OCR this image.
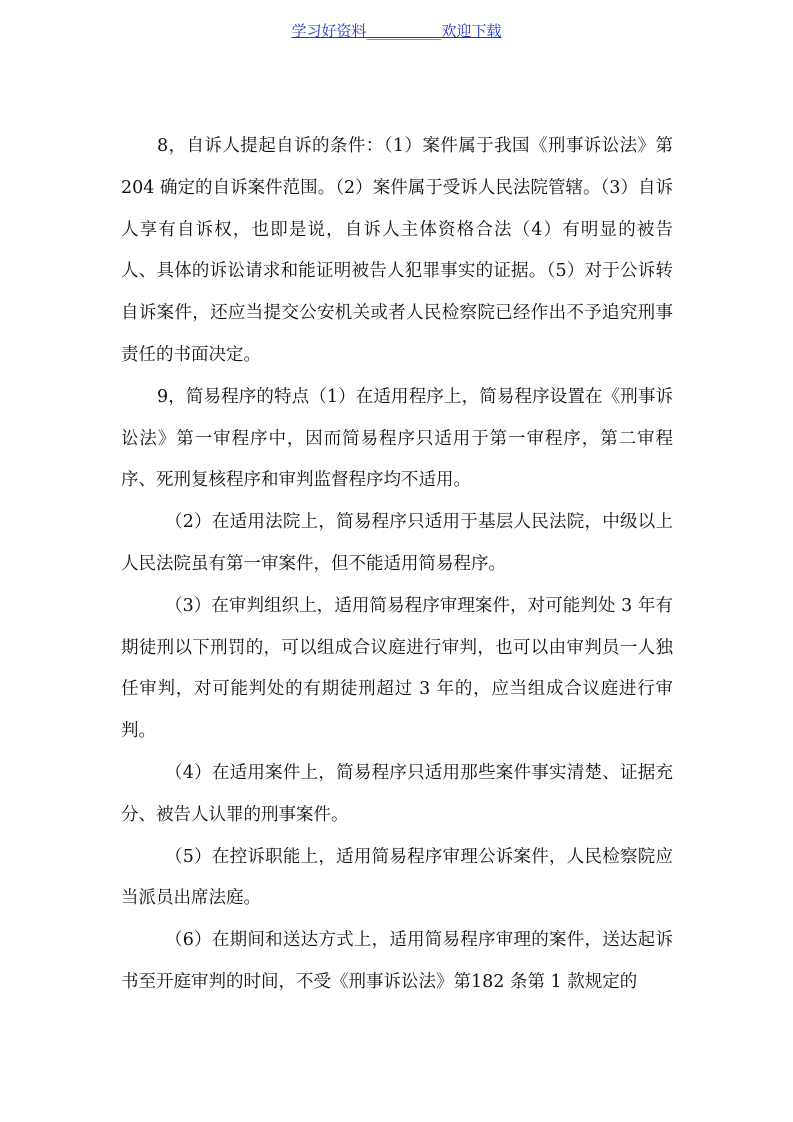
学习好资料__________欢迎下载

8，自诉人提起自诉的条件：（1）案件属于我国《刑事诉讼法》第 204 确定的自诉案件范围。（2）案件属于受诉人民法院管辖。（3）自诉人享有自诉权，也即是说，自诉人主体资格合法（4）有明显的被告人、具体的诉讼请求和能证明被告人犯罪事实的证据。（5）对于公诉转自诉案件，还应当提交公安机关或者人民检察院已经作出不予追究刑事责任的书面决定。

9，简易程序的特点（1）在适用程序上，简易程序设置在《刑事诉讼法》第一审程序中，因而简易程序只适用于第一审程序，第二审程序、死刑复核程序和审判监督程序均不适用。

（2）在适用法院上，简易程序只适用于基层人民法院，中级以上人民法院虽有第一审案件，但不能适用简易程序。

（3）在审判组织上，适用简易程序审理案件，对可能判处 3 年有期徒刑以下刑罚的，可以组成合议庭进行审判，也可以由审判员一人独任审判，对可能判处的有期徒刑超过 3 年的，应当组成合议庭进行审判。

（4）在适用案件上，简易程序只适用那些案件事实清楚、证据充分、被告人认罪的刑事案件。

（5）在控诉职能上，适用简易程序审理公诉案件，人民检察院应当派员出席法庭。

（6）在期间和送达方式上，适用简易程序审理的案件，送达起诉书至开庭审判的时间，不受《刑事诉讼法》第182 条第 1 款规定的
